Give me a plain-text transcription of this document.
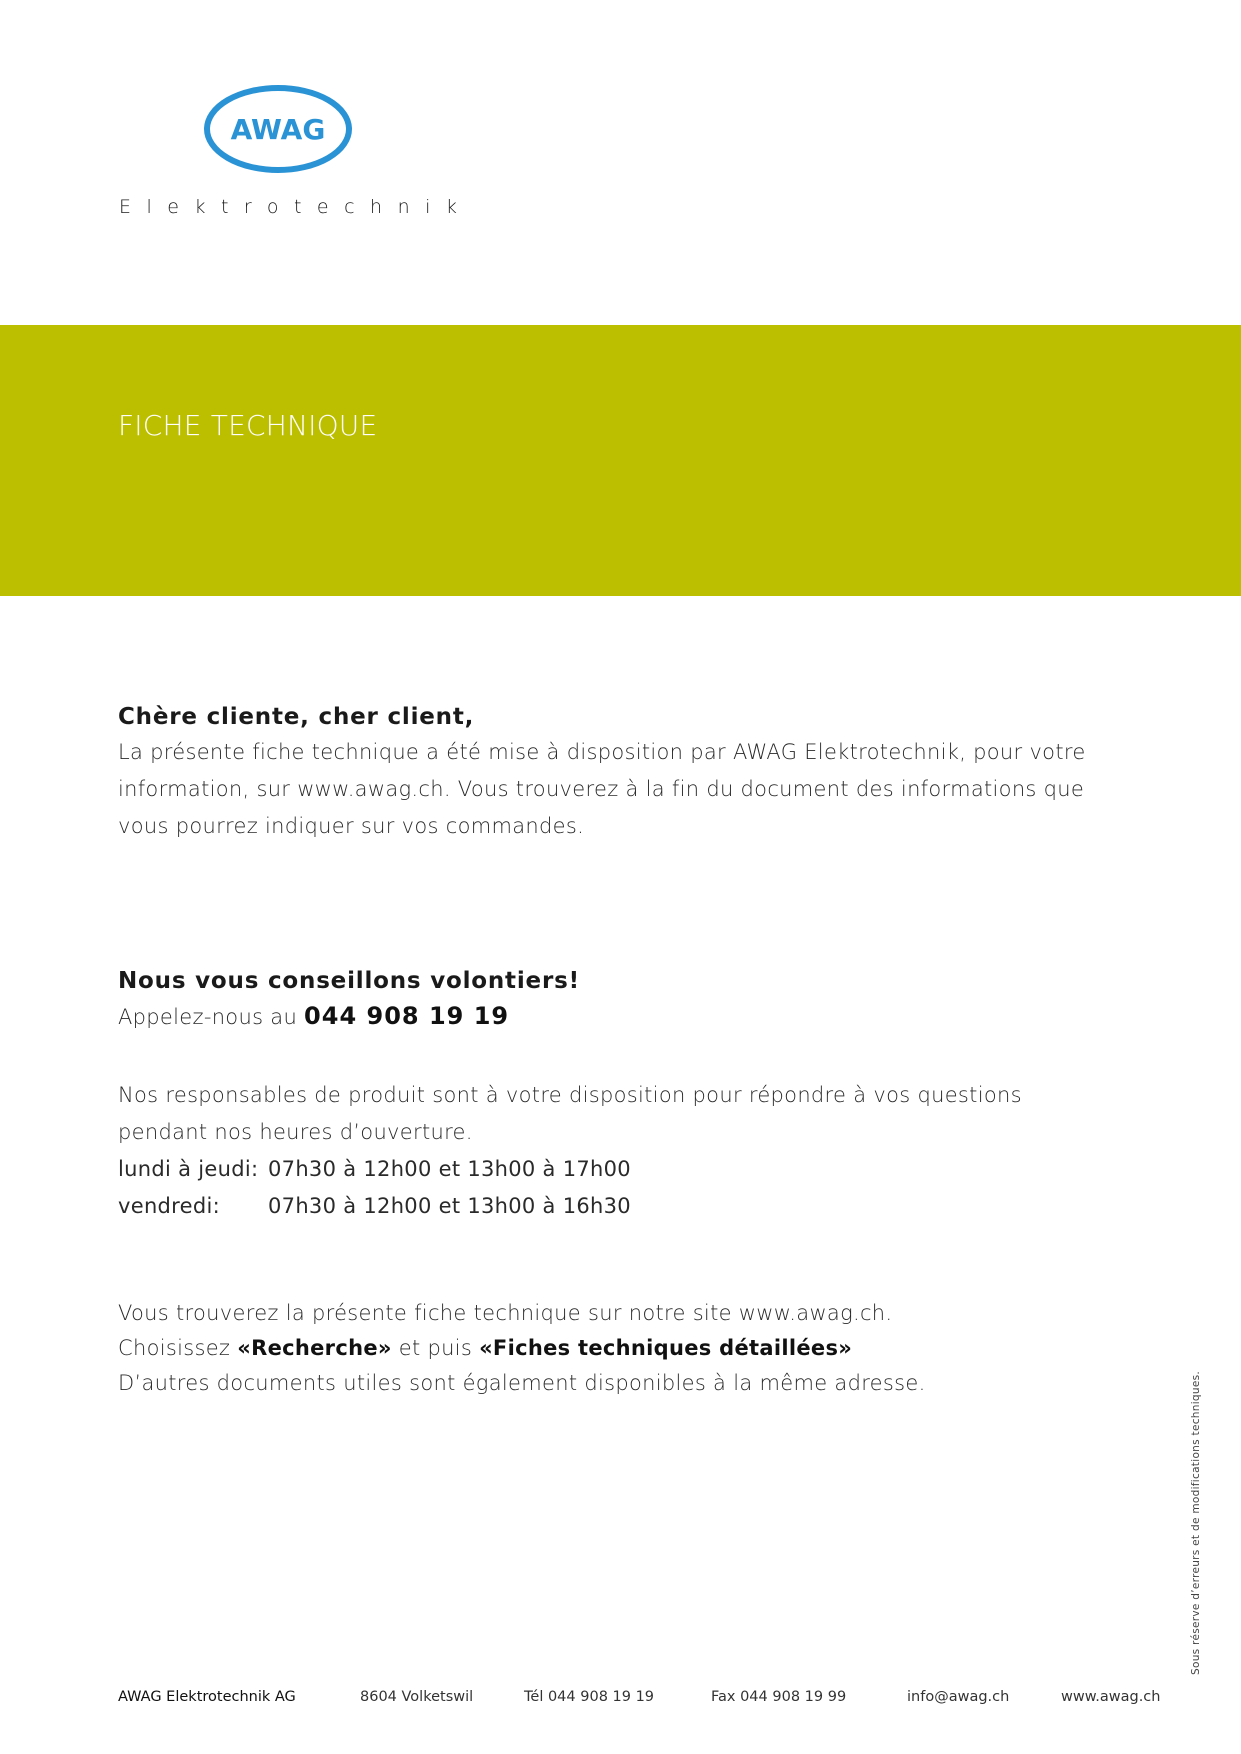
AWAG
Elektrotechnik
FICHE TECHNIQUE

Chère cliente, cher client,

La présente fiche technique a été mise à disposition par AWAG Elektrotechnik, pour votre

information, sur www.awag.ch. Vous trouverez à la fin du document des informations que

vous pourrez indiquer sur vos commandes.

Nous vous conseillons volontiers!

Appelez-nous au 044 908 19 19

Nos responsables de produit sont à votre disposition pour répondre à vos questions

pendant nos heures d’ouverture.

lundi à jeudi: 07h30 à 12h00 et 13h00 à 17h00
vendredi:	07h30 à 12h00 et 13h00 à 16h30

Vous trouverez la présente fiche technique sur notre site www.awag.ch.

Choisissez «Recherche» et puis «Fiches techniques détaillées»

D’autres documents utiles sont également disponibles à la même adresse.	Sous réserve d’erreurs et de modifications techniques.
AWAG Elektrotechnik AG	8604 Volketswil	Tél 044 908 19 19	Fax 044 908 19 99	info@awag.ch	www.awag.ch
